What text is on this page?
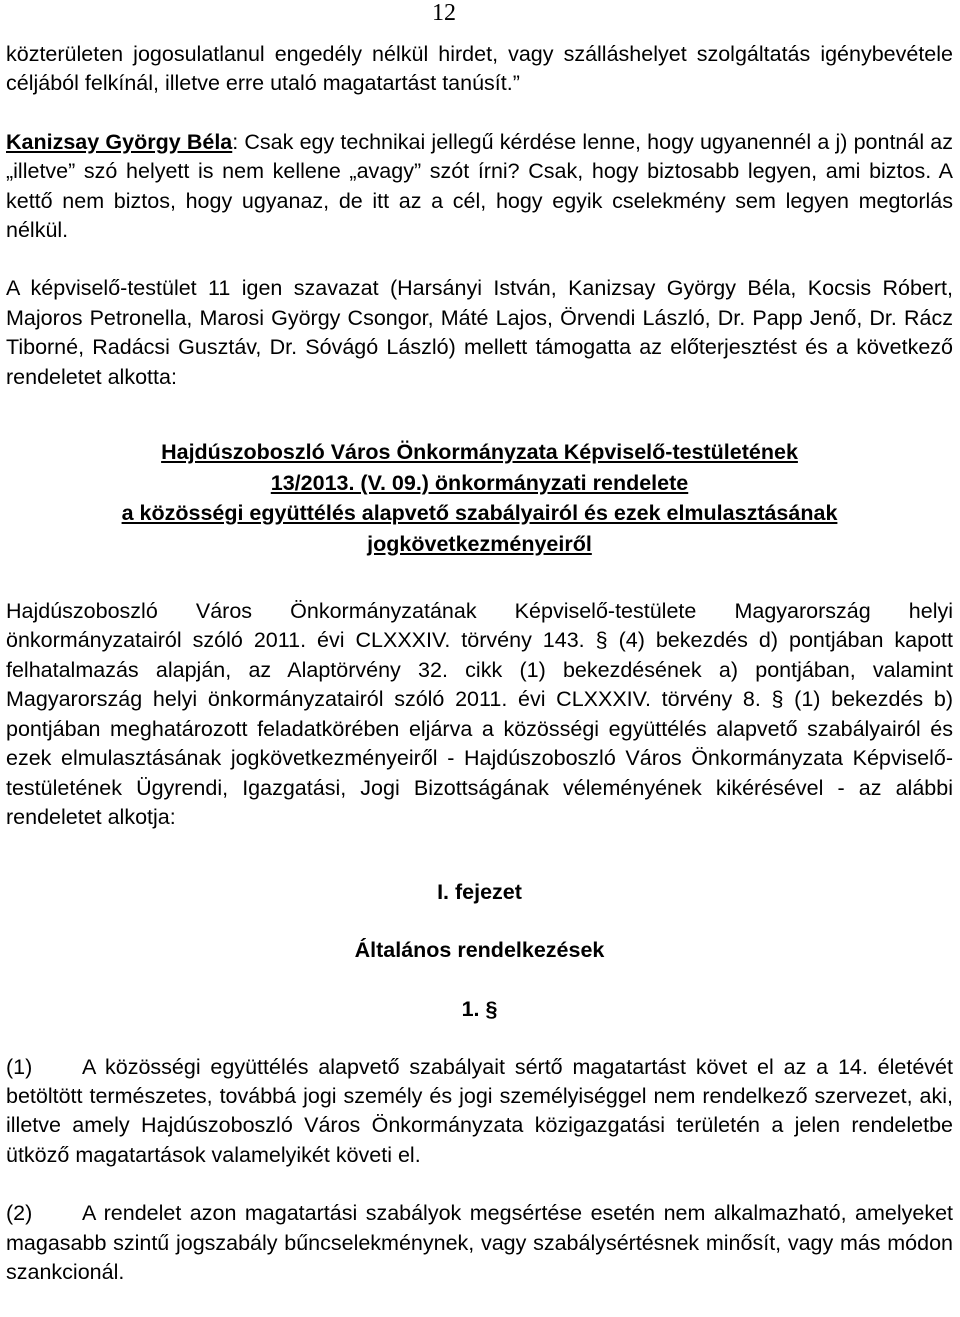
12

közterületen jogosulatlanul engedély nélkül hirdet, vagy szálláshelyet szolgáltatás igénybevétele céljából felkínál, illetve erre utaló magatartást tanúsít.”

Kanizsay György Béla: Csak egy technikai jellegű kérdése lenne, hogy ugyanennél a j) pontnál az „illetve” szó helyett is nem kellene „avagy” szót írni? Csak, hogy biztosabb legyen, ami biztos. A kettő nem biztos, hogy ugyanaz, de itt az a cél, hogy egyik cselekmény sem legyen megtorlás nélkül.

A képviselő-testület 11 igen szavazat (Harsányi István, Kanizsay György Béla, Kocsis Róbert, Majoros Petronella, Marosi György Csongor, Máté Lajos, Örvendi László, Dr. Papp Jenő, Dr. Rácz Tiborné, Radácsi Gusztáv, Dr. Sóvágó László) mellett támogatta az előterjesztést és a következő rendeletet alkotta:

Hajdúszoboszló Város Önkormányzata Képviselő-testületének
13/2013. (V. 09.) önkormányzati rendelete
a közösségi együttélés alapvető szabályairól és ezek elmulasztásának
jogkövetkezményeiről

Hajdúszoboszló Város Önkormányzatának Képviselő-testülete Magyarország helyi önkormányzatairól szóló 2011. évi CLXXXIV. törvény 143. § (4) bekezdés d) pontjában kapott felhatalmazás alapján, az Alaptörvény 32. cikk (1) bekezdésének a) pontjában, valamint Magyarország helyi önkormányzatairól szóló 2011. évi CLXXXIV. törvény 8. § (1) bekezdés b) pontjában meghatározott feladatkörében eljárva a közösségi együttélés alapvető szabályairól és ezek elmulasztásának jogkövetkezményeiről - Hajdúszoboszló Város Önkormányzata Képviselő-testületének Ügyrendi, Igazgatási, Jogi Bizottságának véleményének kikérésével - az alábbi rendeletet alkotja:

I. fejezet
Általános rendelkezések
1. §

(1) A közösségi együttélés alapvető szabályait sértő magatartást követ el az a 14. életévét betöltött természetes, továbbá jogi személy és jogi személyiséggel nem rendelkező szervezet, aki, illetve amely Hajdúszoboszló Város Önkormányzata közigazgatási területén a jelen rendeletbe ütköző magatartások valamelyikét követi el.

(2) A rendelet azon magatartási szabályok megsértése esetén nem alkalmazható, amelyeket magasabb szintű jogszabály bűncselekménynek, vagy szabálysértésnek minősít, vagy más módon szankcionál.
